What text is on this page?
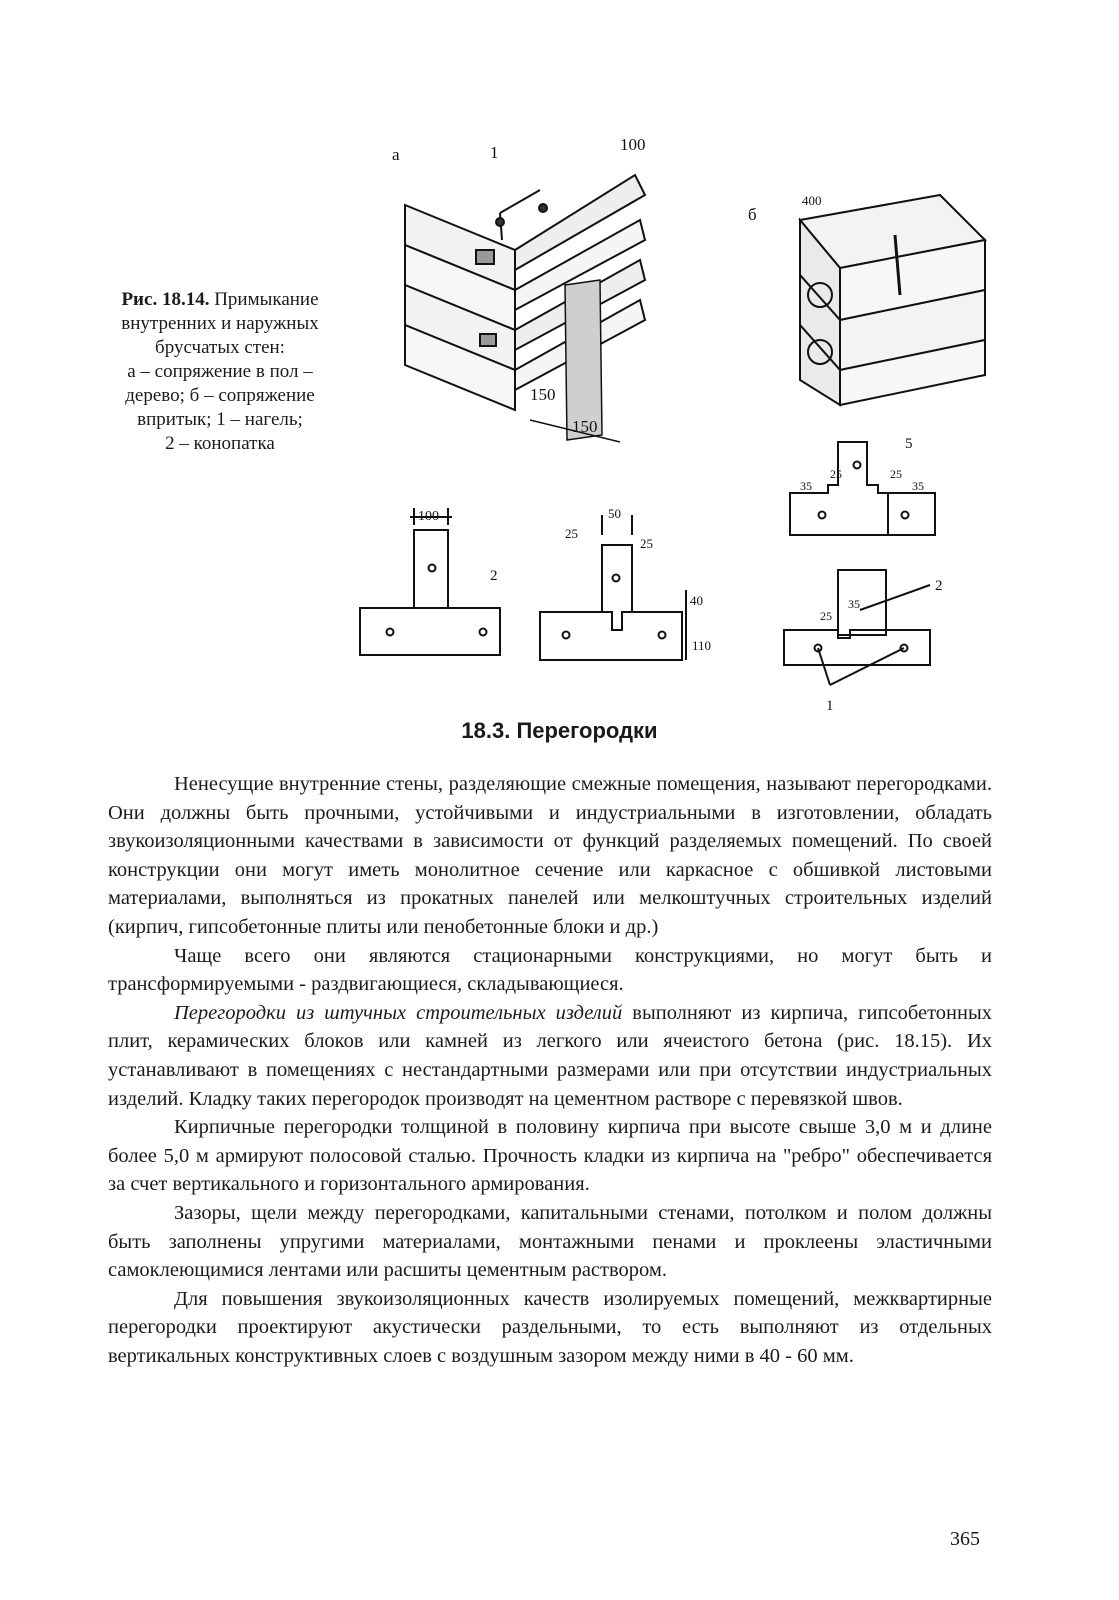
Рис. 18.14. Примыкание
внутренних и наружных
брусчатых стен:
а – сопряжение в пол –
дерево; б – сопряжение
впритык; 1 – нагель;
2 – конопатка
а	1	100
150
150
б
400
100
2
50
25
25
40
110
5
35
25	25
35
35
25
2
1
18.3. Перегородки

Ненесущие внутренние стены, разделяющие смежные помещения, называют перегородками. Они должны быть прочными, устойчивыми и индустриальными в изготовлении, обладать звукоизоляционными качествами в зависимости от функций разделяемых помещений. По своей конструкции они могут иметь монолитное сечение или каркасное с обшивкой листовыми материалами, выполняться из прокатных панелей или мелкоштучных строительных изделий (кирпич, гипсобетонные плиты или пенобетонные блоки и др.)

Чаще всего они являются стационарными конструкциями, но могут быть и трансформируемыми - раздвигающиеся, складывающиеся.

Перегородки из штучных строительных изделий выполняют из кирпича, гипсобетонных плит, керамических блоков или камней из легкого или ячеистого бетона (рис. 18.15). Их устанавливают в помещениях с нестандартными размерами или при отсутствии индустриальных изделий. Кладку таких перегородок производят на цементном растворе с перевязкой швов.

Кирпичные перегородки толщиной в половину кирпича при высоте свыше 3,0 м и длине более 5,0 м армируют полосовой сталью. Прочность кладки из кирпича на "ребро" обеспечивается за счет вертикального и горизонтального армирования.

Зазоры, щели между перегородками, капитальными стенами, потолком и полом должны быть заполнены упругими материалами, монтажными пенами и проклеены эластичными самоклеющимися лентами или расшиты цементным раствором.

Для повышения звукоизоляционных качеств изолируемых помещений, межквартирные перегородки проектируют акустически раздельными, то есть выполняют из отдельных вертикальных конструктивных слоев с воздушным зазором между ними в 40 - 60 мм.

365
